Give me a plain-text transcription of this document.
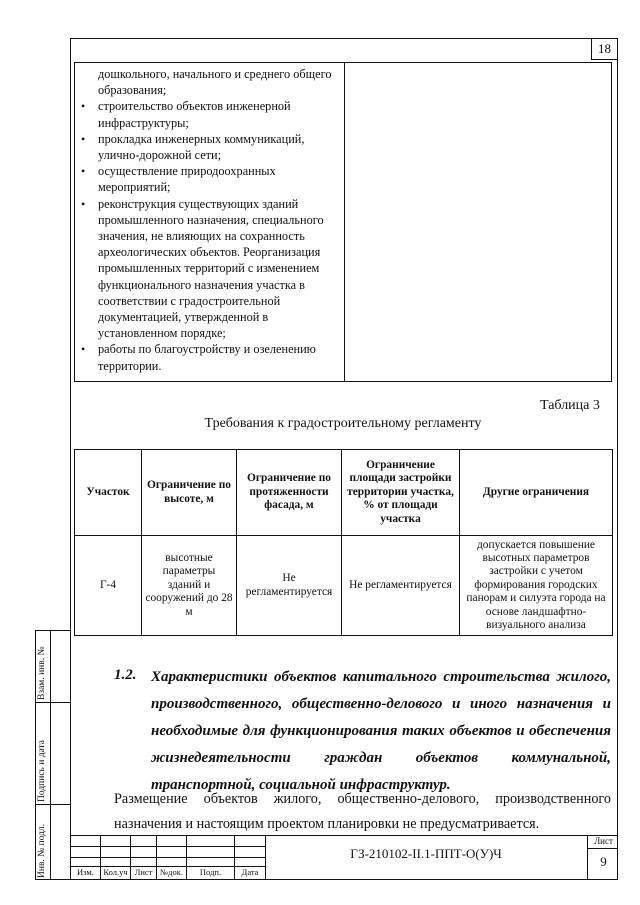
18
дошкольного, начального и среднего общего образования;
• строительство объектов инженерной инфраструктуры;
• прокладка инженерных коммуникаций, улично-дорожной сети;
• осуществление природоохранных мероприятий;
• реконструкция существующих зданий промышленного назначения, специального значения, не влияющих на сохранность археологических объектов. Реорганизация промышленных территорий с изменением функционального назначения участка в соответствии с градостроительной документацией, утвержденной в установленном порядке;
• работы по благоустройству и озеленению территории.
Таблица 3
Требования к градостроительному регламенту
Участок	Ограничение по высоте, м	Ограничение по протяженности фасада, м	Ограничение площади застройки территории участка, % от площади участка	Другие ограничения
Г-4	высотные параметры зданий и сооружений до 28 м	Не регламентируется	Не регламентируется	допускается повышение высотных параметров застройки с учетом формирования городских панорам и силуэта города на основе ландшафтно-визуального анализа
1.2. Характеристики объектов капитального строительства жилого, производственного, общественно-делового и иного назначения и необходимые для функционирования таких объектов и обеспечения жизнедеятельности граждан объектов коммунальной, транспортной, социальной инфраструктур.
Размещение объектов жилого, общественно-делового, производственного назначения и настоящим проектом планировки не предусматривается.
Взам. инв. №
Подпись и дата
Инв. № подл.	Изм.	Кол.уч Лист №док.	Подп.	Дата
ГЗ-210102-II.1-ППТ-О(У)Ч
Лист
9
